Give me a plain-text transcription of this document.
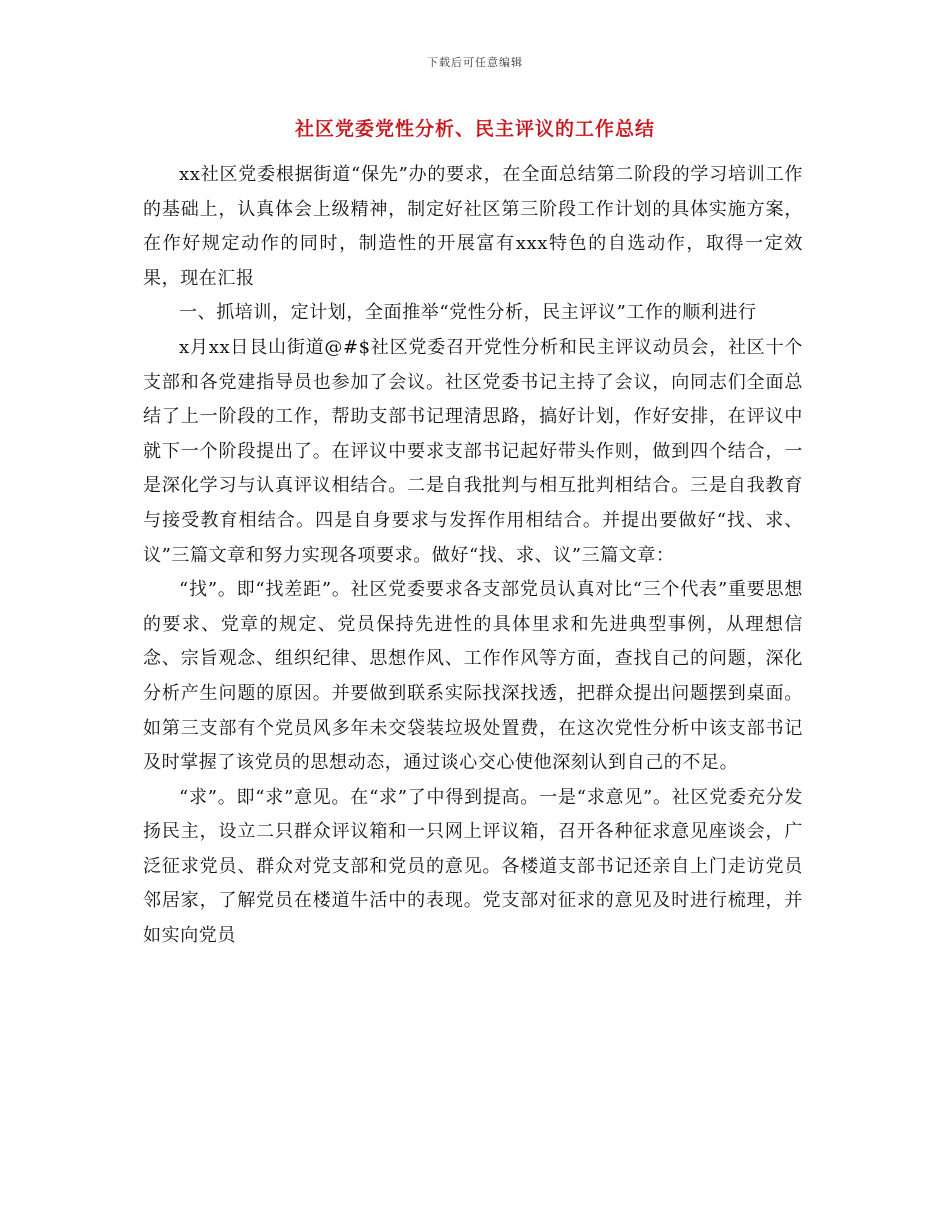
下载后可任意编辑
社区党委党性分析、民主评议的工作总结

xx社区党委根据街道“保先”办的要求，在全面总结第二阶段的学习培训工作的基础上，认真体会上级精神，制定好社区第三阶段工作计划的具体实施方案，在作好规定动作的同时，制造性的开展富有xxx特色的自选动作，取得一定效果，现在汇报

一、抓培训，定计划，全面推举“党性分析，民主评议”工作的顺利进行

x月xx日艮山街道@#$社区党委召开党性分析和民主评议动员会，社区十个支部和各党建指导员也参加了会议。社区党委书记主持了会议，向同志们全面总结了上一阶段的工作，帮助支部书记理清思路，搞好计划，作好安排，在评议中就下一个阶段提出了。在评议中要求支部书记起好带头作则，做到四个结合，一是深化学习与认真评议相结合。二是自我批判与相互批判相结合。三是自我教育与接受教育相结合。四是自身要求与发挥作用相结合。并提出要做好“找、求、议”三篇文章和努力实现各项要求。做好“找、求、议”三篇文章：

“找”。即“找差距”。社区党委要求各支部党员认真对比“三个代表”重要思想的要求、党章的规定、党员保持先进性的具体里求和先进典型事例，从理想信念、宗旨观念、组织纪律、思想作风、工作作风等方面，查找自己的问题，深化分析产生问题的原因。并要做到联系实际找深找透，把群众提出问题摆到桌面。如第三支部有个党员风多年未交袋装垃圾处置费，在这次党性分析中该支部书记及时掌握了该党员的思想动态，通过谈心交心使他深刻认到自己的不足。

“求”。即“求”意见。在“求”了中得到提高。一是“求意见”。社区党委充分发扬民主，设立二只群众评议箱和一只网上评议箱，召开各种征求意见座谈会，广泛征求党员、群众对党支部和党员的意见。各楼道支部书记还亲自上门走访党员邻居家，了解党员在楼道牛活中的表现。党支部对征求的意见及时进行梳理，并如实向党员
